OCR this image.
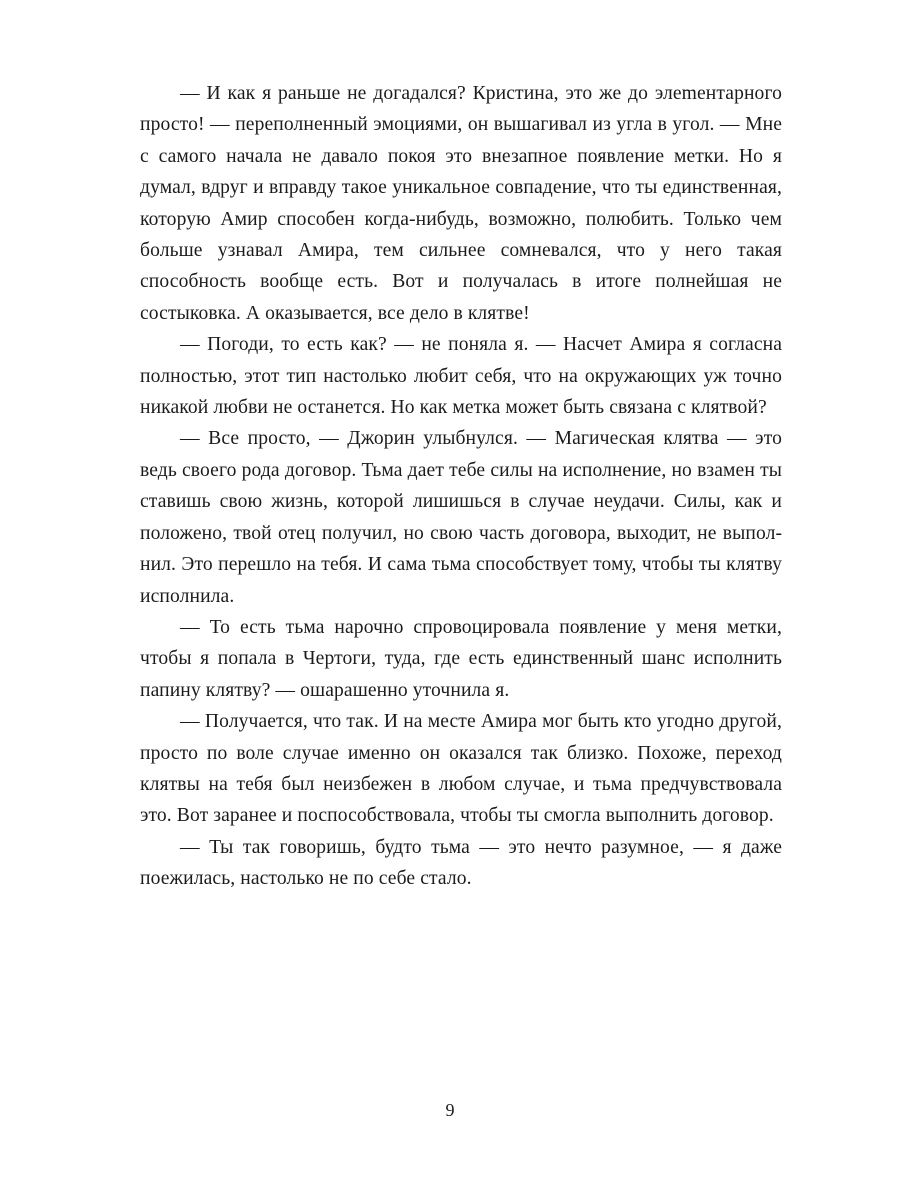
— И как я раньше не догадался? Кристина, это же до элеmентарного просто! — переполненный эмоциями, он вышагивал из угла в угол. — Мне с самого начала не давало покоя это внезапное появление метки. Но я думал, вдруг и вправду такое уникальное совпадение, что ты единственная, которую Амир способен когда-нибудь, возможно, полюбить. Только чем больше узнавал Амира, тем сильнее сомневался, что у него такая способность вообще есть. Вот и получалась в итоге полнейшая не состыковка. А оказывается, все дело в клятве!

— Погоди, то есть как? — не поняла я. — Насчет Амира я согласна полностью, этот тип настолько любит себя, что на окружающих уж точно никакой любви не останется. Но как метка может быть связана с клятвой?

— Все просто, — Джорин улыбнулся. — Магическая клятва — это ведь своего рода договор. Тьма дает тебе силы на исполнение, но взамен ты ставишь свою жизнь, которой лишишься в случае неудачи. Силы, как и положено, твой отец получил, но свою часть договора, выходит, не выполнил. Это перешло на тебя. И сама тьма способствует тому, чтобы ты клятву исполнила.

— То есть тьма нарочно спровоцировала появление у меня метки, чтобы я попала в Чертоги, туда, где есть единственный шанс исполнить папину клятву? — ошарашенно уточнила я.

— Получается, что так. И на месте Амира мог быть кто угодно другой, просто по воле случае именно он оказался так близко. Похоже, переход клятвы на тебя был неизбежен в любом случае, и тьма предчувствовала это. Вот заранее и поспособствовала, чтобы ты смогла выполнить договор.

— Ты так говоришь, будто тьма — это нечто разумное, — я даже поежилась, настолько не по себе стало.

9
